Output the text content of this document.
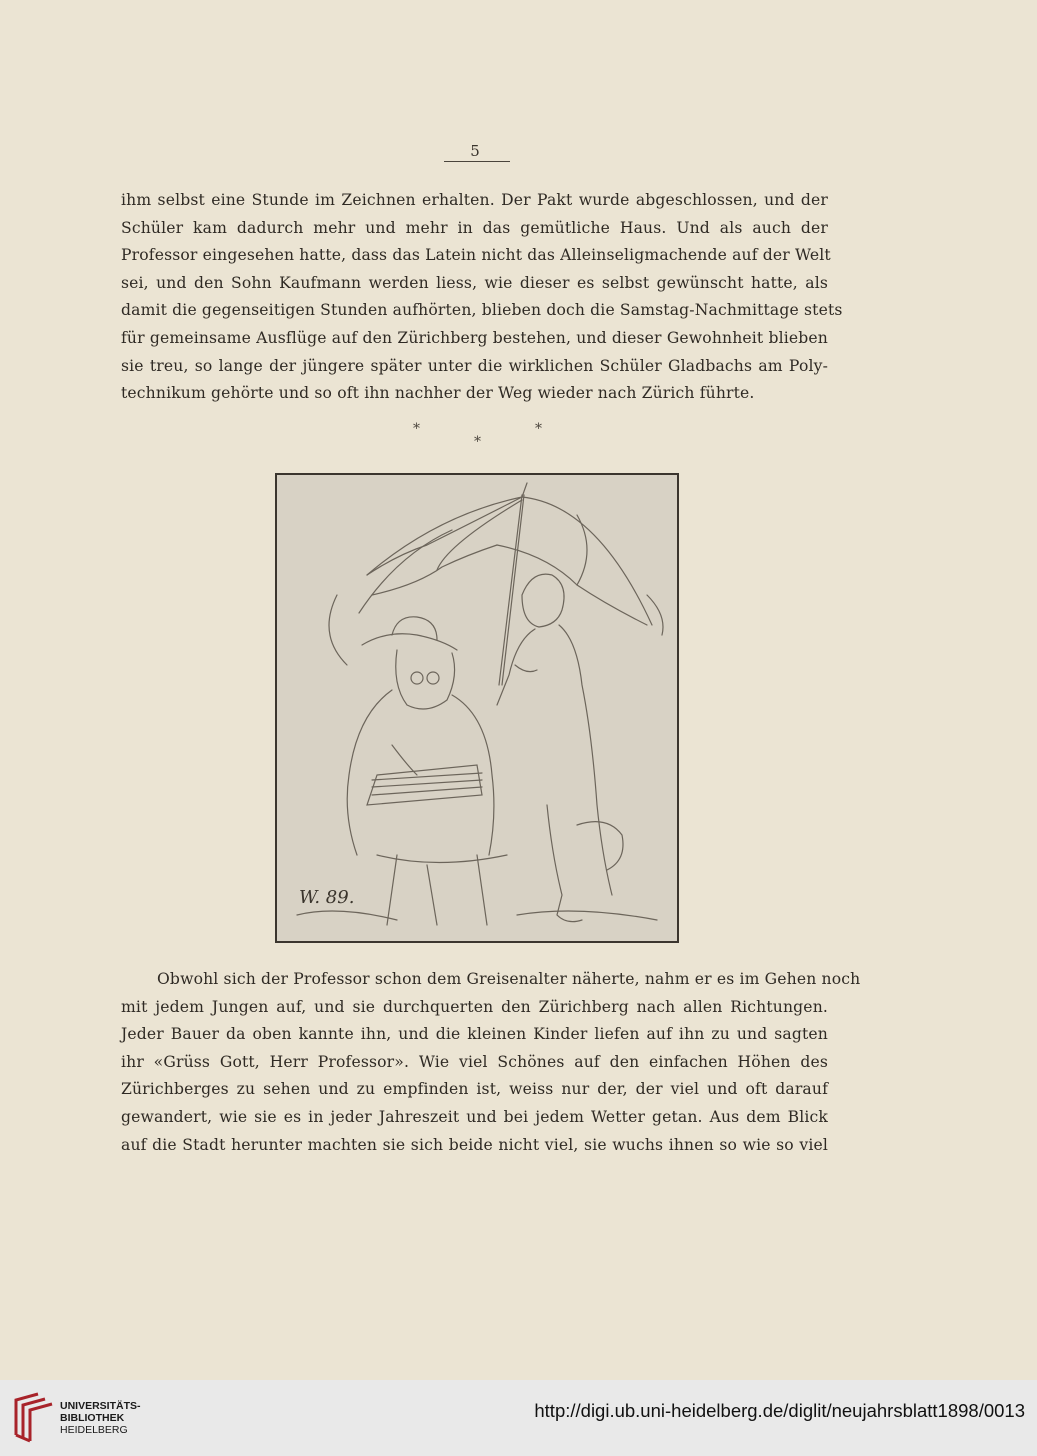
5
ihm selbst eine Stunde im Zeichnen erhalten. Der Pakt wurde abgeschlossen, und der
Schüler kam dadurch mehr und mehr in das gemütliche Haus. Und als auch der
Professor eingesehen hatte, dass das Latein nicht das Alleinseligmachende auf der Welt
sei, und den Sohn Kaufmann werden liess, wie dieser es selbst gewünscht hatte, als
damit die gegenseitigen Stunden aufhörten, blieben doch die Samstag-Nachmittage stets
für gemeinsame Ausflüge auf den Zürichberg bestehen, und dieser Gewohnheit blieben
sie treu, so lange der jüngere später unter die wirklichen Schüler Gladbachs am Poly-
technikum gehörte und so oft ihn nachher der Weg wieder nach Zürich führte.
*	*
*
W. 89.
Obwohl sich der Professor schon dem Greisenalter näherte, nahm er es im Gehen noch
mit jedem Jungen auf, und sie durchquerten den Zürichberg nach allen Richtungen.
Jeder Bauer da oben kannte ihn, und die kleinen Kinder liefen auf ihn zu und sagten
ihr «Grüss Gott, Herr Professor». Wie viel Schönes auf den einfachen Höhen des
Zürichberges zu sehen und zu empfinden ist, weiss nur der, der viel und oft darauf
gewandert, wie sie es in jeder Jahreszeit und bei jedem Wetter getan. Aus dem Blick
auf die Stadt herunter machten sie sich beide nicht viel, sie wuchs ihnen so wie so viel
UNIVERSITÄTS-
BIBLIOTHEK
HEIDELBERG
http://digi.ub.uni-heidelberg.de/diglit/neujahrsblatt1898/0013
